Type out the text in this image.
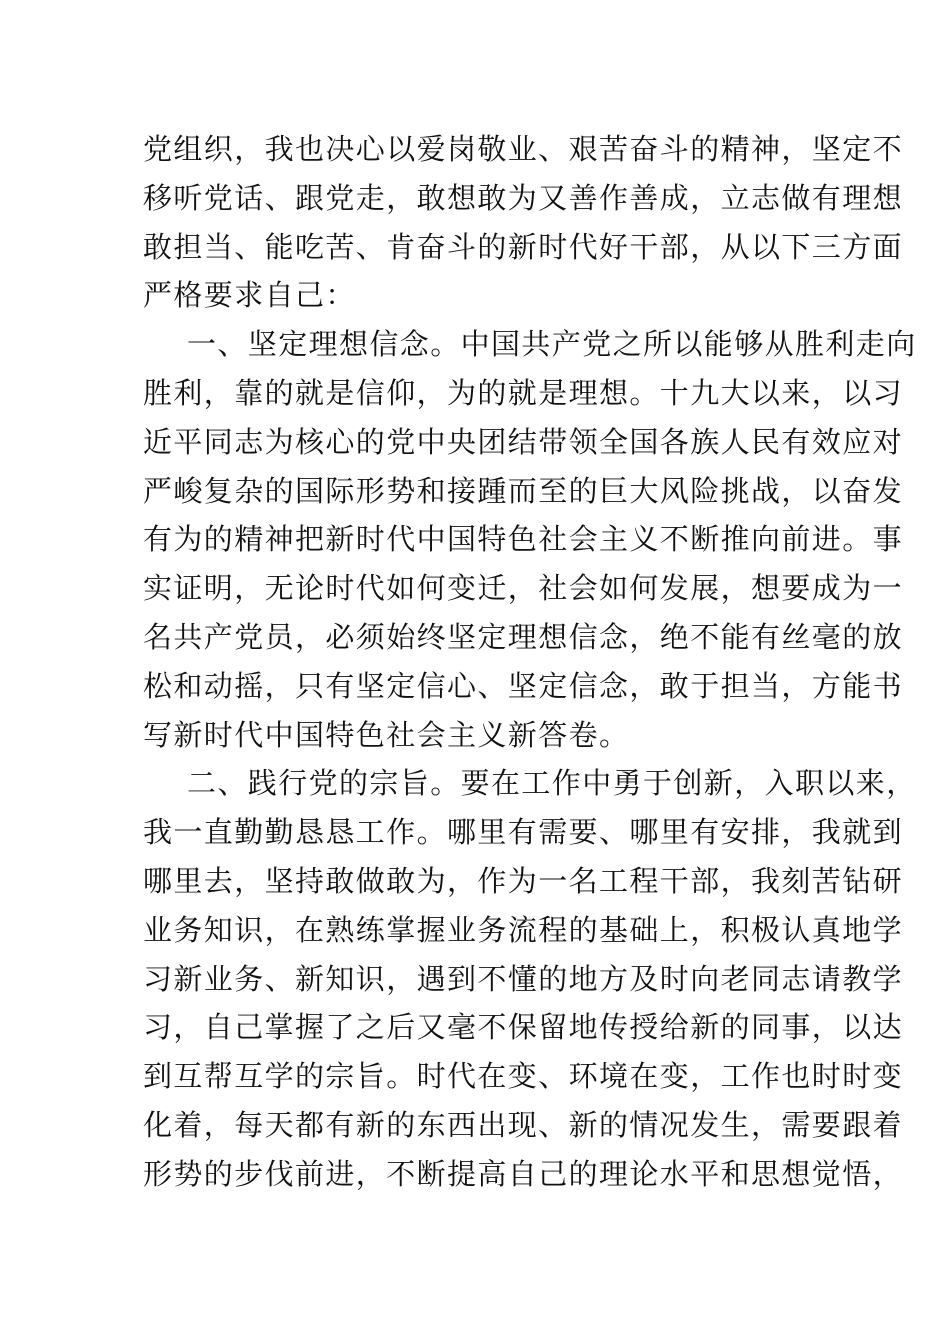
党组织，我也决心以爱岗敬业、艰苦奋斗的精神，坚定不
移听党话、跟党走，敢想敢为又善作善成，立志做有理想
敢担当、能吃苦、肯奋斗的新时代好干部，从以下三方面
严格要求自己：
一、坚定理想信念。中国共产党之所以能够从胜利走向
胜利，靠的就是信仰，为的就是理想。十九大以来，以习
近平同志为核心的党中央团结带领全国各族人民有效应对
严峻复杂的国际形势和接踵而至的巨大风险挑战，以奋发
有为的精神把新时代中国特色社会主义不断推向前进。事
实证明，无论时代如何变迁，社会如何发展，想要成为一
名共产党员，必须始终坚定理想信念，绝不能有丝毫的放
松和动摇，只有坚定信心、坚定信念，敢于担当，方能书
写新时代中国特色社会主义新答卷。
二、践行党的宗旨。要在工作中勇于创新，入职以来，
我一直勤勤恳恳工作。哪里有需要、哪里有安排，我就到
哪里去，坚持敢做敢为，作为一名工程干部，我刻苦钻研
业务知识，在熟练掌握业务流程的基础上，积极认真地学
习新业务、新知识，遇到不懂的地方及时向老同志请教学
习，自己掌握了之后又毫不保留地传授给新的同事，以达
到互帮互学的宗旨。时代在变、环境在变，工作也时时变
化着，每天都有新的东西出现、新的情况发生，需要跟着
形势的步伐前进，不断提高自己的理论水平和思想觉悟，
